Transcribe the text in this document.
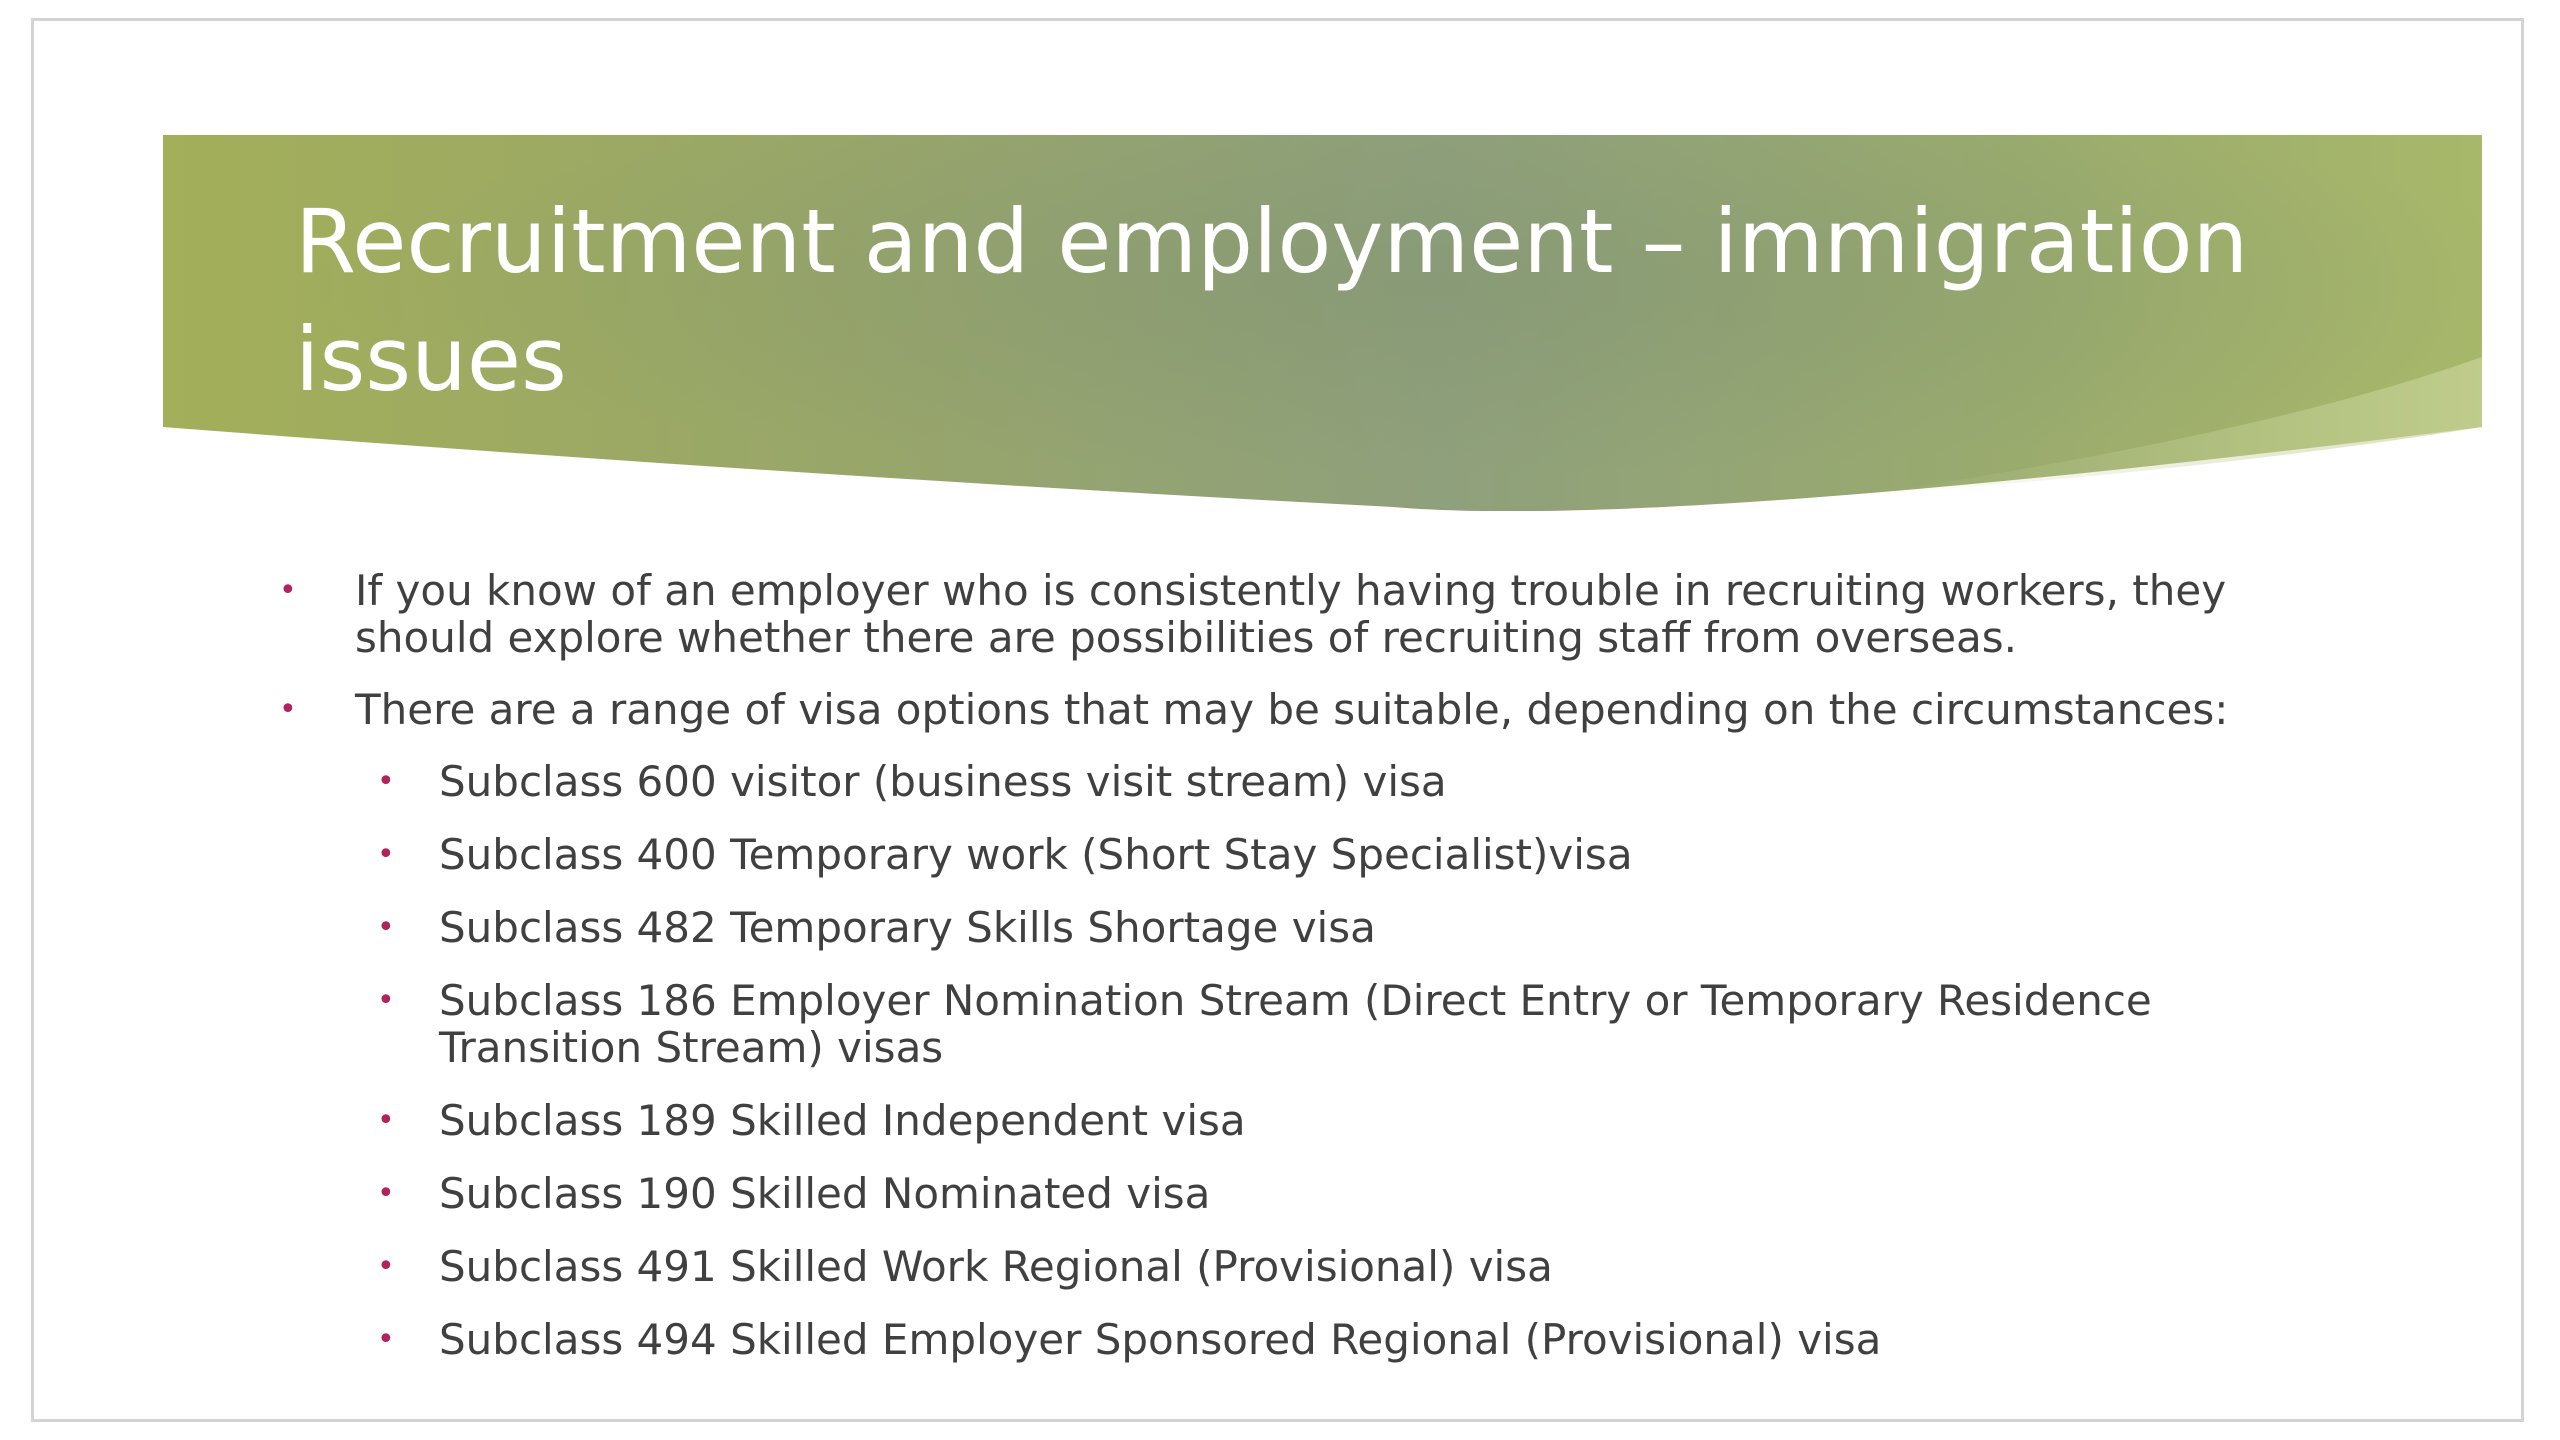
Recruitment and employment – immigration issues
• If you know of an employer who is consistently having trouble in recruiting workers, they should explore whether there are possibilities of recruiting staff from overseas.
• There are a range of visa options that may be suitable, depending on the circumstances:
• Subclass 600 visitor (business visit stream) visa
• Subclass 400 Temporary work (Short Stay Specialist)visa
• Subclass 482 Temporary Skills Shortage visa
• Subclass 186 Employer Nomination Stream (Direct Entry or Temporary Residence Transition Stream) visas
• Subclass 189 Skilled Independent visa
• Subclass 190 Skilled Nominated visa
• Subclass 491 Skilled Work Regional (Provisional) visa
• Subclass 494 Skilled Employer Sponsored Regional (Provisional) visa
